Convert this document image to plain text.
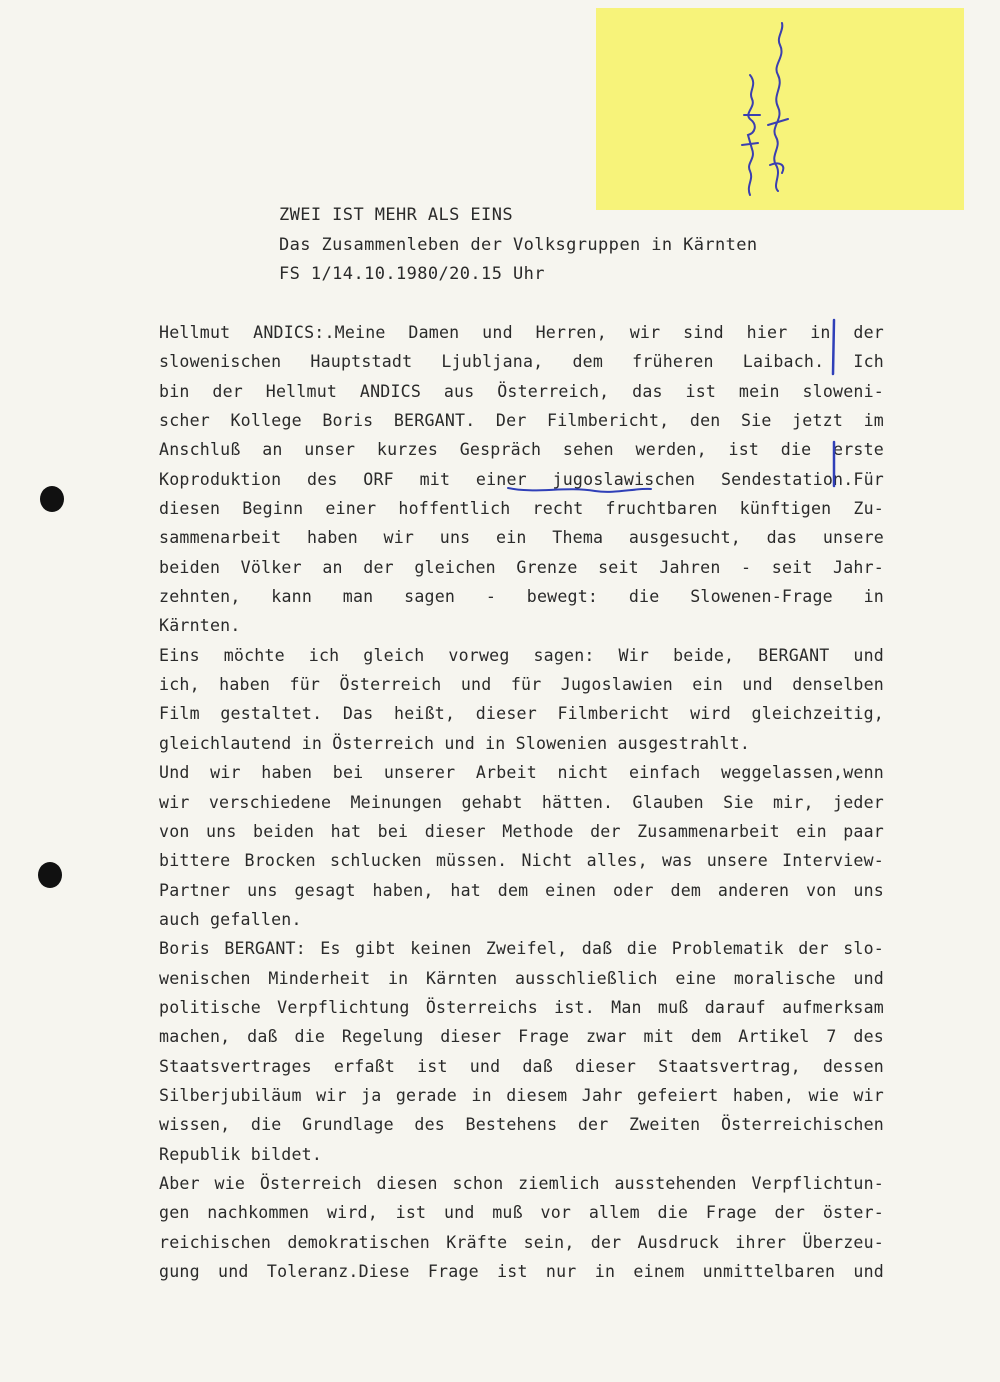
ZWEI IST MEHR ALS EINS
Das Zusammenleben der Volksgruppen in Kärnten
FS 1/14.10.1980/20.15 Uhr
Hellmut ANDICS:.Meine Damen und Herren, wir sind hier in der
slowenischen Hauptstadt Ljubljana, dem früheren Laibach. Ich
bin der Hellmut ANDICS aus Österreich, das ist mein sloweni-
scher Kollege Boris BERGANT. Der Filmbericht, den Sie jetzt im
Anschluß an unser kurzes Gespräch sehen werden, ist die erste
Koproduktion des ORF mit einer jugoslawischen Sendestation.Für
diesen Beginn einer hoffentlich recht fruchtbaren künftigen Zu-
sammenarbeit haben wir uns ein Thema ausgesucht, das unsere
beiden Völker an der gleichen Grenze seit Jahren - seit Jahr-
zehnten, kann man sagen - bewegt: die Slowenen-Frage in
Kärnten.
Eins möchte ich gleich vorweg sagen: Wir beide, BERGANT und
ich, haben für Österreich und für Jugoslawien ein und denselben
Film gestaltet. Das heißt, dieser Filmbericht wird gleichzeitig,
gleichlautend in Österreich und in Slowenien ausgestrahlt.
Und wir haben bei unserer Arbeit nicht einfach weggelassen,wenn
wir verschiedene Meinungen gehabt hätten. Glauben Sie mir, jeder
von uns beiden hat bei dieser Methode der Zusammenarbeit ein paar
bittere Brocken schlucken müssen. Nicht alles, was unsere Interview-
Partner uns gesagt haben, hat dem einen oder dem anderen von uns
auch gefallen.
Boris BERGANT: Es gibt keinen Zweifel, daß die Problematik der slo-
wenischen Minderheit in Kärnten ausschließlich eine moralische und
politische Verpflichtung Österreichs ist. Man muß darauf aufmerksam
machen, daß die Regelung dieser Frage zwar mit dem Artikel 7 des
Staatsvertrages erfaßt ist und daß dieser Staatsvertrag, dessen
Silberjubiläum wir ja gerade in diesem Jahr gefeiert haben, wie wir
wissen, die Grundlage des Bestehens der Zweiten Österreichischen
Republik bildet.
Aber wie Österreich diesen schon ziemlich ausstehenden Verpflichtun-
gen nachkommen wird, ist und muß vor allem die Frage der öster-
reichischen demokratischen Kräfte sein, der Ausdruck ihrer Überzeu-
gung und Toleranz.Diese Frage ist nur in einem unmittelbaren und
